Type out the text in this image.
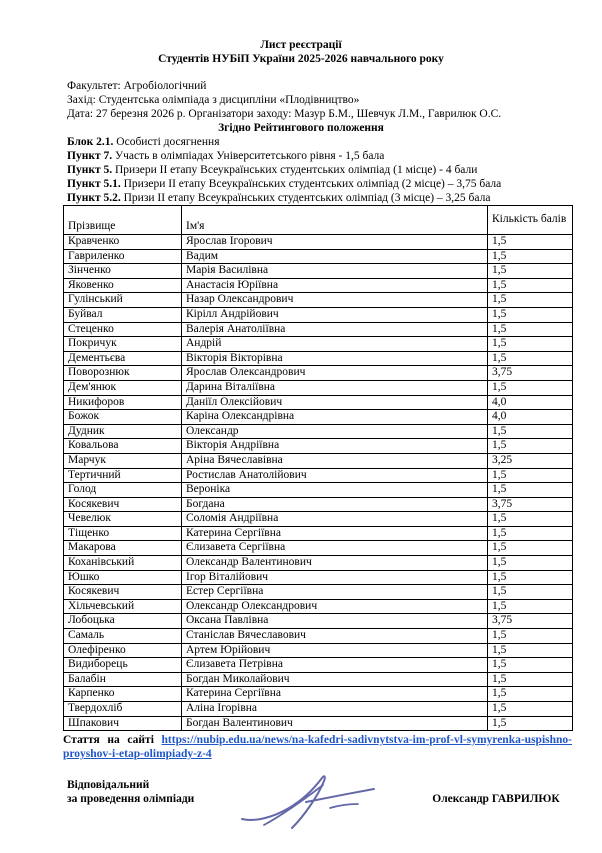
Лист реєстрації
Студентів НУБіП України 2025-2026 навчального року
Факультет: Агробіологічний
Захід: Студентська олімпіада з дисципліни «Плодівництво»
Дата: 27 березня 2026 р. Організатори заходу: Мазур Б.М., Шевчук Л.М., Гаврилюк О.С.
Згідно Рейтингового положення
Блок 2.1. Особисті досягнення
Пункт 7. Участь в олімпіадах Університетського рівня - 1,5 бала
Пункт 5. Призери ІІ етапу Всеукраїнських студентських олімпіад (1 місце) - 4 бали
Пункт 5.1. Призери ІІ етапу Всеукраїнських студентських олімпіад (2 місце) – 3,75 бала
Пункт 5.2. Призи ІІ етапу Всеукраїнських студентських олімпіад (3 місце) – 3,25 бала
Прізвище	Ім'я	Кількість балів
Кравченко	Ярослав Ігорович	1,5
Гавриленко	Вадим	1,5
Зінченко	Марія Василівна	1,5
Яковенко	Анастасія Юріївна	1,5
Гулінський	Назар Олександрович	1,5
Буйвал	Кірілл Андрійович	1,5
Стеценко	Валерія Анатоліївна	1,5
Покричук	Андрій	1,5
Дементьєва	Вікторія Вікторівна	1,5
Поворознюк	Ярослав Олександрович	3,75
Дем'янюк	Дарина Віталіївна	1,5
Никифоров	Даніїл Олексійович	4,0
Божок	Каріна Олександрівна	4,0
Дудник	Олександр	1,5
Ковальова	Вікторія Андріївна	1,5
Марчук	Аріна Вячеславівна	3,25
Тертичний	Ростислав Анатолійович	1,5
Голод	Вероніка	1,5
Косякевич	Богдана	3,75
Чевелюк	Соломія Андріївна	1,5
Тіщенко	Катерина Сергіївна	1,5
Макарова	Єлизавета Сергіївна	1,5
Коханівський	Олександр Валентинович	1,5
Юшко	Ігор Віталійович	1,5
Косякевич	Естер Сергіївна	1,5
Хільчевський	Олександр Олександрович	1,5
Лобоцька	Оксана Павлівна	3,75
Самаль	Станіслав Вячеславович	1,5
Олефіренко	Артем Юрійович	1,5
Видиборець	Єлизавета Петрівна	1,5
Балабін	Богдан Миколайович	1,5
Карпенко	Катерина Сергіївна	1,5
Твердохліб	Аліна Ігорівна	1,5
Шпакович	Богдан Валентинович	1,5
Стаття на сайті https://nubip.edu.ua/news/na-kafedri-sadivnytstva-im-prof-vl-symyrenka-uspishno-proyshov-i-etap-olimpiady-z-4
Відповідальний
за проведення олімпіади	Олександр ГАВРИЛЮК
